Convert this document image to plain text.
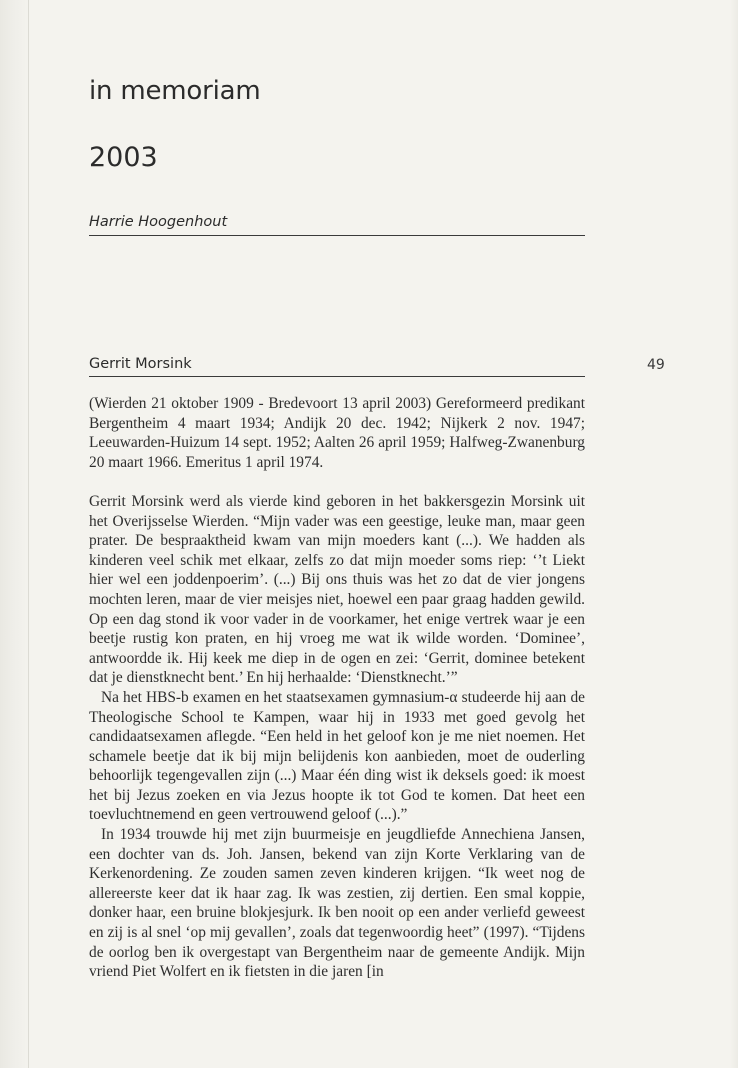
in memoriam
2003
Harrie Hoogenhout
Gerrit Morsink	49

(Wierden 21 oktober 1909 - Bredevoort 13 april 2003) Gereformeerd predikant Bergentheim 4 maart 1934; Andijk 20 dec. 1942; Nijkerk 2 nov. 1947; Leeuwarden-Huizum 14 sept. 1952; Aalten 26 april 1959; Halfweg-Zwanenburg 20 maart 1966. Emeritus 1 april 1974.

Gerrit Morsink werd als vierde kind geboren in het bakkersgezin Morsink uit het Overijsselse Wierden. “Mijn vader was een geestige, leuke man, maar geen prater. De bespraaktheid kwam van mijn moeders kant (...). We hadden als kinderen veel schik met elkaar, zelfs zo dat mijn moeder soms riep: ‘’t Liekt hier wel een joddenpoerim’. (...) Bij ons thuis was het zo dat de vier jongens mochten leren, maar de vier meisjes niet, hoewel een paar graag hadden gewild. Op een dag stond ik voor vader in de voorkamer, het enige vertrek waar je een beetje rustig kon praten, en hij vroeg me wat ik wilde worden. ‘Dominee’, antwoordde ik. Hij keek me diep in de ogen en zei: ‘Gerrit, dominee betekent dat je dienstknecht bent.’ En hij herhaalde: ‘Dienstknecht.’”

Na het HBS-b examen en het staatsexamen gymnasium-α studeerde hij aan de Theologische School te Kampen, waar hij in 1933 met goed gevolg het candidaatsexamen aflegde. “Een held in het geloof kon je me niet noemen. Het schamele beetje dat ik bij mijn belijdenis kon aanbieden, moet de ouderling behoorlijk tegengevallen zijn (...) Maar één ding wist ik deksels goed: ik moest het bij Jezus zoeken en via Jezus hoopte ik tot God te komen. Dat heet een toevluchtnemend en geen vertrouwend geloof (...).”

In 1934 trouwde hij met zijn buurmeisje en jeugdliefde Annechiena Jansen, een dochter van ds. Joh. Jansen, bekend van zijn Korte Verklaring van de Kerkenordening. Ze zouden samen zeven kinderen krijgen. “Ik weet nog de allereerste keer dat ik haar zag. Ik was zestien, zij dertien. Een smal koppie, donker haar, een bruine blokjesjurk. Ik ben nooit op een ander verliefd geweest en zij is al snel ‘op mij gevallen’, zoals dat tegenwoordig heet” (1997). “Tijdens de oorlog ben ik overgestapt van Bergentheim naar de gemeente Andijk. Mijn vriend Piet Wolfert en ik fietsten in die jaren [in
